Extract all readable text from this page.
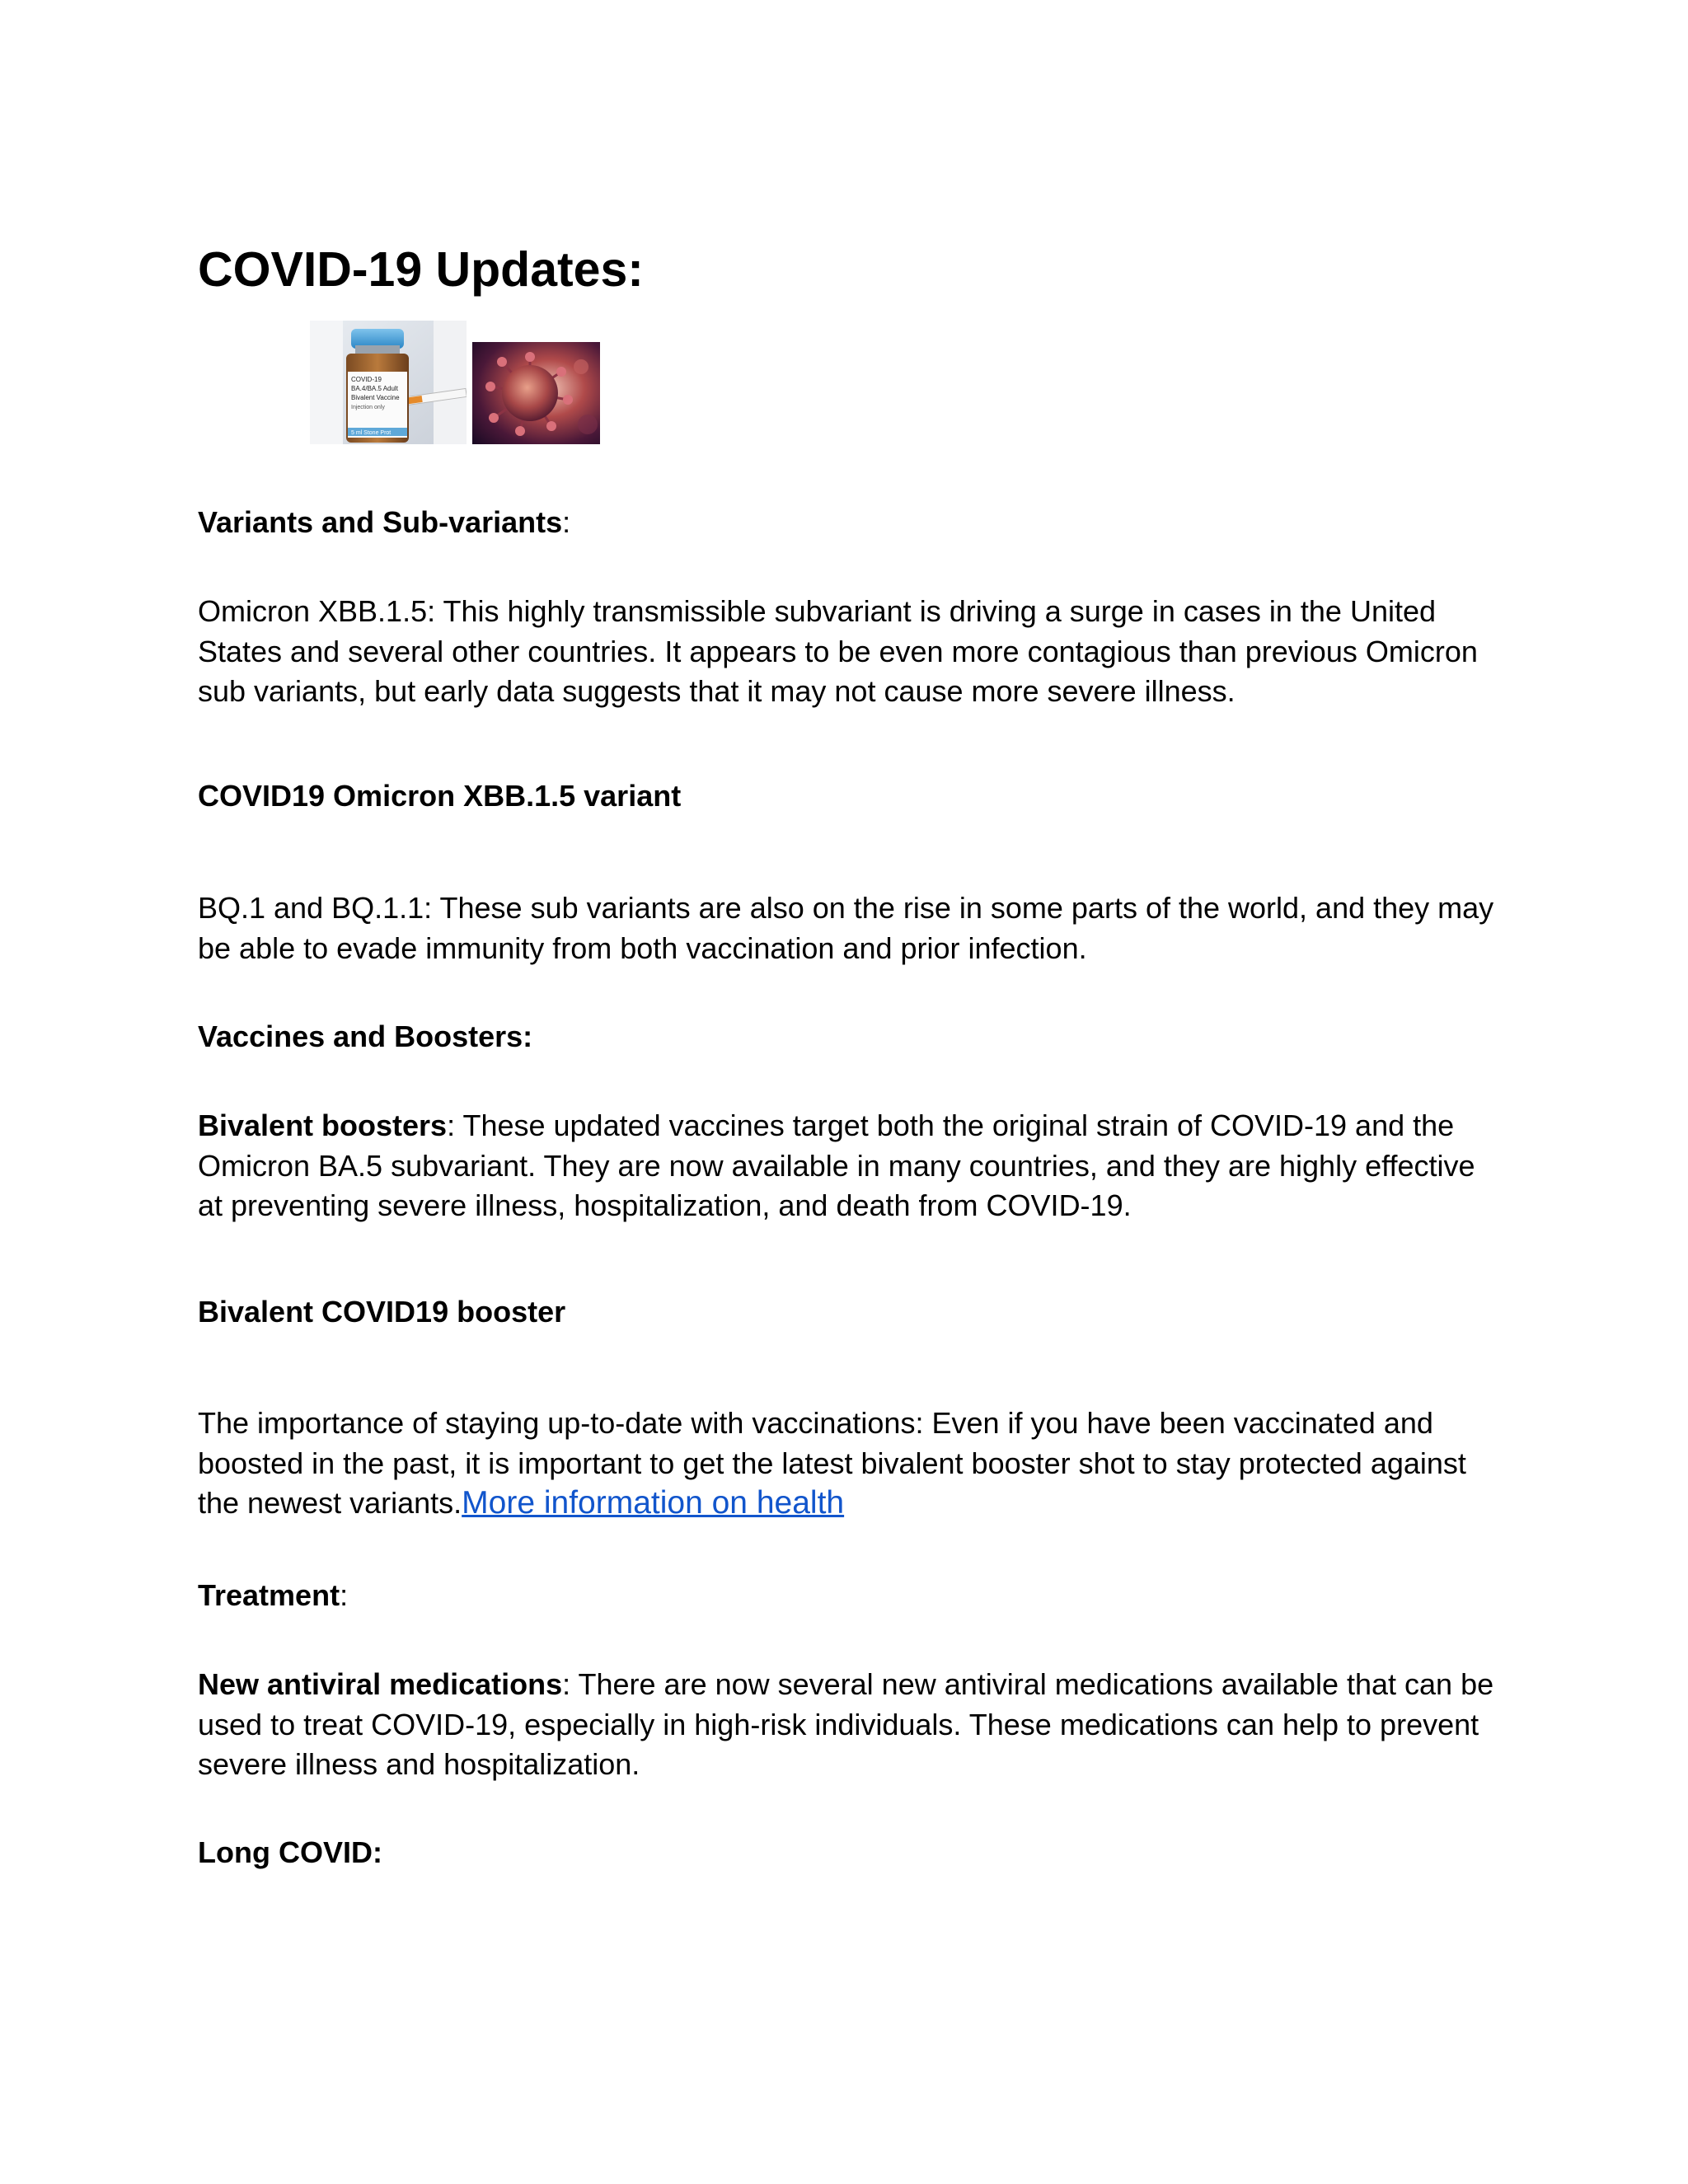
COVID-19 Updates:
COVID-19
BA.4/BA.5 Adult
Bivalent Vaccine
Injection only
5 ml Stone Prot

Variants and Sub-variants:

Omicron XBB.1.5: This highly transmissible subvariant is driving a surge in cases in the United States and several other countries. It appears to be even more contagious than previous Omicron sub variants, but early data suggests that it may not cause more severe illness.

COVID19 Omicron XBB.1.5 variant

BQ.1 and BQ.1.1: These sub variants are also on the rise in some parts of the world, and they may be able to evade immunity from both vaccination and prior infection.

Vaccines and Boosters:

Bivalent boosters: These updated vaccines target both the original strain of COVID-19 and the Omicron BA.5 subvariant. They are now available in many countries, and they are highly effective at preventing severe illness, hospitalization, and death from COVID-19.

Bivalent COVID19 booster

The importance of staying up-to-date with vaccinations: Even if you have been vaccinated and boosted in the past, it is important to get the latest bivalent booster shot to stay protected against the newest variants.More information on health

Treatment:

New antiviral medications: There are now several new antiviral medications available that can be used to treat COVID-19, especially in high-risk individuals. These medications can help to prevent severe illness and hospitalization.

Long COVID:
